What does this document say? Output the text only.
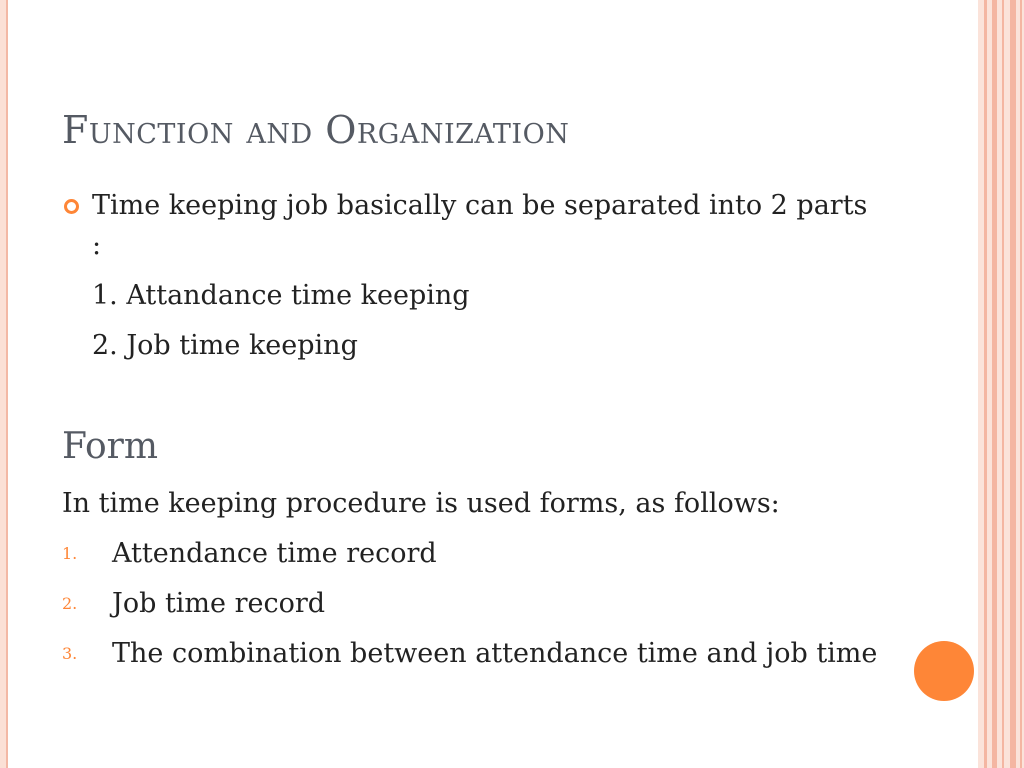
Function and Organization
Time keeping job basically can be separated into 2 parts :
1. Attandance time keeping
2. Job time keeping
Form
In time keeping procedure is used forms, as follows:
1. Attendance time record
2. Job time record
3. The combination between attendance time and job time
